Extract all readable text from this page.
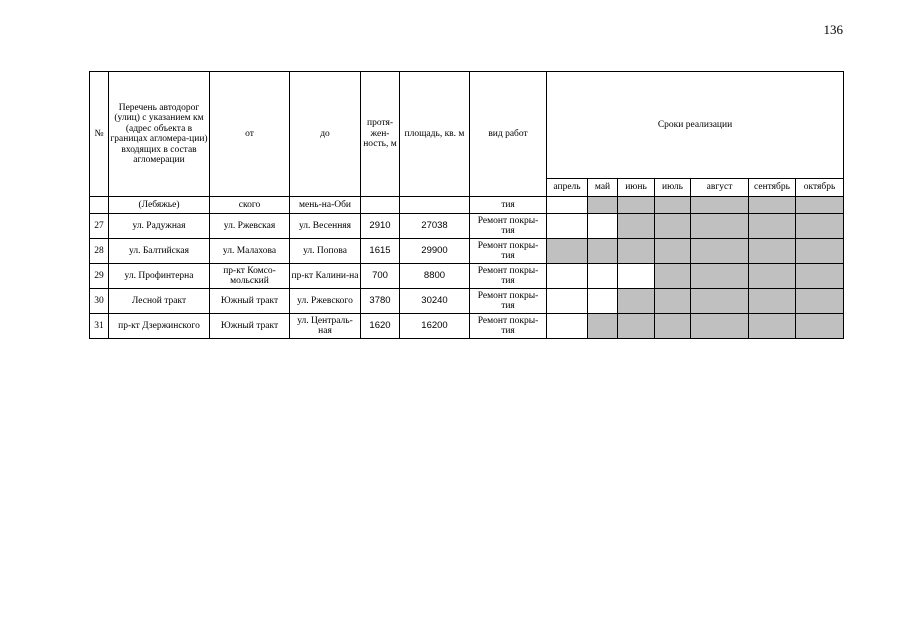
136
№	Перечень автодорог (улиц) с указанием км (адрес объекта в границах агломера-ции) входящих в состав агломерации	от	до	протя-жен-ность, м	площадь, кв. м	вид работ	Сроки реализации						
							апрель	май	июнь	июль	август	сентябрь	октябрь
	(Лебяжье)	ского	мень-на-Оби			тия							
27	ул. Радужная	ул. Ржевская	ул. Весенняя	2910	27038	Ремонт покры-тия							
28	ул. Балтийская	ул. Малахова	ул. Попова	1615	29900	Ремонт покры-тия							
29	ул. Профинтерна	пр-кт Комсо-мольский	пр-кт Калини-на	700	8800	Ремонт покры-тия							
30	Лесной тракт	Южный тракт	ул. Ржевского	3780	30240	Ремонт покры-тия							
31	пр-кт Дзержинского	Южный тракт	ул. Централь-ная	1620	16200	Ремонт покры-тия							
